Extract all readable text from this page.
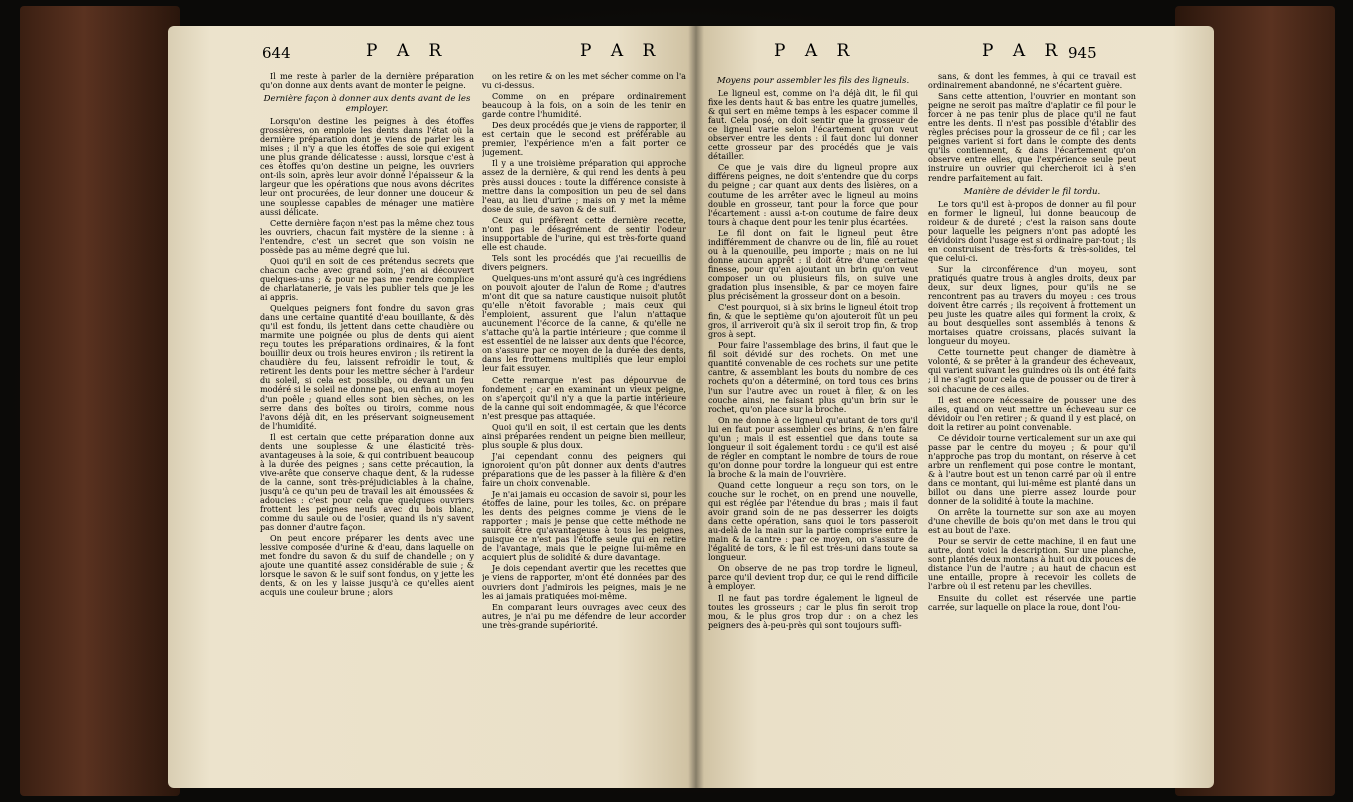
644	P A R	P A R	P A R	P A R 945

Il me reste à parler de la dernière préparation qu'on donne aux dents avant de monter le peigne.

Dernière façon à donner aux dents avant de les employer.

Lorsqu'on destine les peignes à des étoffes grossières, on emploie les dents dans l'état où la dernière préparation dont je viens de parler les a mises ; il n'y a que les étoffes de soie qui exigent une plus grande délicatesse : aussi, lorsque c'est à ces étoffes qu'on destine un peigne, les ouvriers ont-ils soin, après leur avoir donné l'épaisseur & la largeur que les opérations que nous avons décrites leur ont procurées, de leur donner une douceur & une souplesse capables de ménager une matière aussi délicate.

Cette dernière façon n'est pas la même chez tous les ouvriers, chacun fait mystère de la sienne : à l'entendre, c'est un secret que son voisin ne possède pas au même degré que lui.

Quoi qu'il en soit de ces prétendus secrets que chacun cache avec grand soin, j'en ai découvert quelques-uns ; & pour ne pas me rendre complice de charlatanerie, je vais les publier tels que je les ai appris.

Quelques peigners font fondre du savon gras dans une certaine quantité d'eau bouillante, & dès qu'il est fondu, ils jettent dans cette chaudière ou marmite une poignée ou plus de dents qui aient reçu toutes les préparations ordinaires, & la font bouillir deux ou trois heures environ ; ils retirent la chaudière du feu, laissent refroidir le tout, & retirent les dents pour les mettre sécher à l'ardeur du soleil, si cela est possible, ou devant un feu modéré si le soleil ne donne pas, ou enfin au moyen d'un poêle ; quand elles sont bien sèches, on les serre dans des boîtes ou tiroirs, comme nous l'avons déjà dit, en les préservant soigneusement de l'humidité.

Il est certain que cette préparation donne aux dents une souplesse & une élasticité très-avantageuses à la soie, & qui contribuent beaucoup à la durée des peignes ; sans cette précaution, la vive-arête que conserve chaque dent, & la rudesse de la canne, sont très-préjudiciables à la chaîne, jusqu'à ce qu'un peu de travail les ait émoussées & adoucies : c'est pour cela que quelques ouvriers frottent les peignes neufs avec du bois blanc, comme du saule ou de l'osier, quand ils n'y savent pas donner d'autre façon.

On peut encore préparer les dents avec une lessive composée d'urine & d'eau, dans laquelle on met fondre du savon & du suif de chandelle ; on y ajoute une quantité assez considérable de suie ; & lorsque le savon & le suif sont fondus, on y jette les dents, & on les y laisse jusqu'à ce qu'elles aient acquis une couleur brune ; alors

on les retire & on les met sécher comme on l'a vu ci-dessus.

Comme on en prépare ordinairement beaucoup à la fois, on a soin de les tenir en garde contre l'humidité.

Des deux procédés que je viens de rapporter, il est certain que le second est préférable au premier, l'expérience m'en a fait porter ce jugement.

Il y a une troisième préparation qui approche assez de la dernière, & qui rend les dents à peu près aussi douces : toute la différence consiste à mettre dans la composition un peu de sel dans l'eau, au lieu d'urine ; mais on y met la même dose de suie, de savon & de suif.

Ceux qui préfèrent cette dernière recette, n'ont pas le désagrément de sentir l'odeur insupportable de l'urine, qui est très-forte quand elle est chaude.

Tels sont les procédés que j'ai recueillis de divers peigners.

Quelques-uns m'ont assuré qu'à ces ingrédiens on pouvoit ajouter de l'alun de Rome ; d'autres m'ont dit que sa nature caustique nuisoit plutôt qu'elle n'étoit favorable ; mais ceux qui l'emploient, assurent que l'alun n'attaque aucunement l'écorce de la canne, & qu'elle ne s'attache qu'à la partie intérieure ; que comme il est essentiel de ne laisser aux dents que l'écorce, on s'assure par ce moyen de la durée des dents, dans les frottemens multipliés que leur emploi leur fait essuyer.

Cette remarque n'est pas dépourvue de fondement ; car en examinant un vieux peigne, on s'aperçoit qu'il n'y a que la partie intérieure de la canne qui soit endommagée, & que l'écorce n'est presque pas attaquée.

Quoi qu'il en soit, il est certain que les dents ainsi préparées rendent un peigne bien meilleur, plus souple & plus doux.

J'ai cependant connu des peigners qui ignoroient qu'on pût donner aux dents d'autres préparations que de les passer à la filière & d'en faire un choix convenable.

Je n'ai jamais eu occasion de savoir si, pour les étoffes de laine, pour les toiles, &c. on prépare les dents des peignes comme je viens de le rapporter ; mais je pense que cette méthode ne sauroit être qu'avantageuse à tous les peignes, puisque ce n'est pas l'étoffe seule qui en retire de l'avantage, mais que le peigne lui-même en acquiert plus de solidité & dure davantage.

Je dois cependant avertir que les recettes que je viens de rapporter, m'ont été données par des ouvriers dont j'admirois les peignes, mais je ne les ai jamais pratiquées moi-même.

En comparant leurs ouvrages avec ceux des autres, je n'ai pu me défendre de leur accorder une très-grande supériorité.

Moyens pour assembler les fils des ligneuls.

Le ligneul est, comme on l'a déjà dit, le fil qui fixe les dents haut & bas entre les quatre jumelles, & qui sert en même temps à les espacer comme il faut. Cela posé, on doit sentir que la grosseur de ce ligneul varie selon l'écartement qu'on veut observer entre les dents : il faut donc lui donner cette grosseur par des procédés que je vais détailler.

Ce que je vais dire du ligneul propre aux différens peignes, ne doit s'entendre que du corps du peigne ; car quant aux dents des lisières, on a coutume de les arrêter avec le ligneul au moins double en grosseur, tant pour la force que pour l'écartement : aussi a-t-on coutume de faire deux tours à chaque dent pour les tenir plus écartées.

Le fil dont on fait le ligneul peut être indifféremment de chanvre ou de lin, filé au rouet ou à la quenouille, peu importe ; mais on ne lui donne aucun apprêt : il doit être d'une certaine finesse, pour qu'en ajoutant un brin qu'on veut composer un ou plusieurs fils, on suive une gradation plus insensible, & par ce moyen faire plus précisément la grosseur dont on a besoin.

C'est pourquoi, si à six brins le ligneul étoit trop fin, & que le septième qu'on ajouteroit fût un peu gros, il arriveroit qu'à six il seroit trop fin, & trop gros à sept.

Pour faire l'assemblage des brins, il faut que le fil soit dévidé sur des rochets. On met une quantité convenable de ces rochets sur une petite cantre, & assemblant les bouts du nombre de ces rochets qu'on a déterminé, on tord tous ces brins l'un sur l'autre avec un rouet à filer, & on les couche ainsi, ne faisant plus qu'un brin sur le rochet, qu'on place sur la broche.

On ne donne à ce ligneul qu'autant de tors qu'il lui en faut pour assembler ces brins, & n'en faire qu'un ; mais il est essentiel que dans toute sa longueur il soit également tordu : ce qu'il est aisé de régler en comptant le nombre de tours de roue qu'on donne pour tordre la longueur qui est entre la broche & la main de l'ouvrière.

Quand cette longueur a reçu son tors, on le couche sur le rochet, on en prend une nouvelle, qui est réglée par l'étendue du bras ; mais il faut avoir grand soin de ne pas desserrer les doigts dans cette opération, sans quoi le tors passeroit au-delà de la main sur la partie comprise entre la main & la cantre : par ce moyen, on s'assure de l'égalité de tors, & le fil est très-uni dans toute sa longueur.

On observe de ne pas trop tordre le ligneul, parce qu'il devient trop dur, ce qui le rend difficile à employer.

Il ne faut pas tordre également le ligneul de toutes les grosseurs ; car le plus fin seroit trop mou, & le plus gros trop dur : on a chez les peigners des à-peu-près qui sont toujours suffi-

sans, & dont les femmes, à qui ce travail est ordinairement abandonné, ne s'écartent guère.

Sans cette attention, l'ouvrier en montant son peigne ne seroit pas maître d'aplatir ce fil pour le forcer à ne pas tenir plus de place qu'il ne faut entre les dents. Il n'est pas possible d'établir des règles précises pour la grosseur de ce fil ; car les peignes varient si fort dans le compte des dents qu'ils contiennent, & dans l'écartement qu'on observe entre elles, que l'expérience seule peut instruire un ouvrier qui chercheroit ici à s'en rendre parfaitement au fait.

Manière de dévider le fil tordu.

Le tors qu'il est à-propos de donner au fil pour en former le ligneul, lui donne beaucoup de roideur & de dureté ; c'est la raison sans doute pour laquelle les peigners n'ont pas adopté les dévidoirs dont l'usage est si ordinaire par-tout ; ils en construisent de très-forts & très-solides, tel que celui-ci.

Sur la circonférence d'un moyeu, sont pratiqués quatre trous à angles droits, deux par deux, sur deux lignes, pour qu'ils ne se rencontrent pas au travers du moyeu : ces trous doivent être carrés ; ils reçoivent à frottement un peu juste les quatre ailes qui forment la croix, & au bout desquelles sont assemblés à tenons & mortaises quatre croissans, placés suivant la longueur du moyeu.

Cette tournette peut changer de diamètre à volonté, & se prêter à la grandeur des écheveaux, qui varient suivant les guindres où ils ont été faits ; il ne s'agit pour cela que de pousser ou de tirer à soi chacune de ces ailes.

Il est encore nécessaire de pousser une des ailes, quand on veut mettre un écheveau sur ce dévidoir ou l'en retirer ; & quand il y est placé, on doit la retirer au point convenable.

Ce dévidoir tourne verticalement sur un axe qui passe par le centre du moyeu ; & pour qu'il n'approche pas trop du montant, on réserve à cet arbre un renflement qui pose contre le montant, & à l'autre bout est un tenon carré par où il entre dans ce montant, qui lui-même est planté dans un billot ou dans une pierre assez lourde pour donner de la solidité à toute la machine.

On arrête la tournette sur son axe au moyen d'une cheville de bois qu'on met dans le trou qui est au bout de l'axe.

Pour se servir de cette machine, il en faut une autre, dont voici la description. Sur une planche, sont plantés deux montans à huit ou dix pouces de distance l'un de l'autre ; au haut de chacun est une entaille, propre à recevoir les collets de l'arbre où il est retenu par les chevilles.

Ensuite du collet est réservée une partie carrée, sur laquelle on place la roue, dont l'ou-
